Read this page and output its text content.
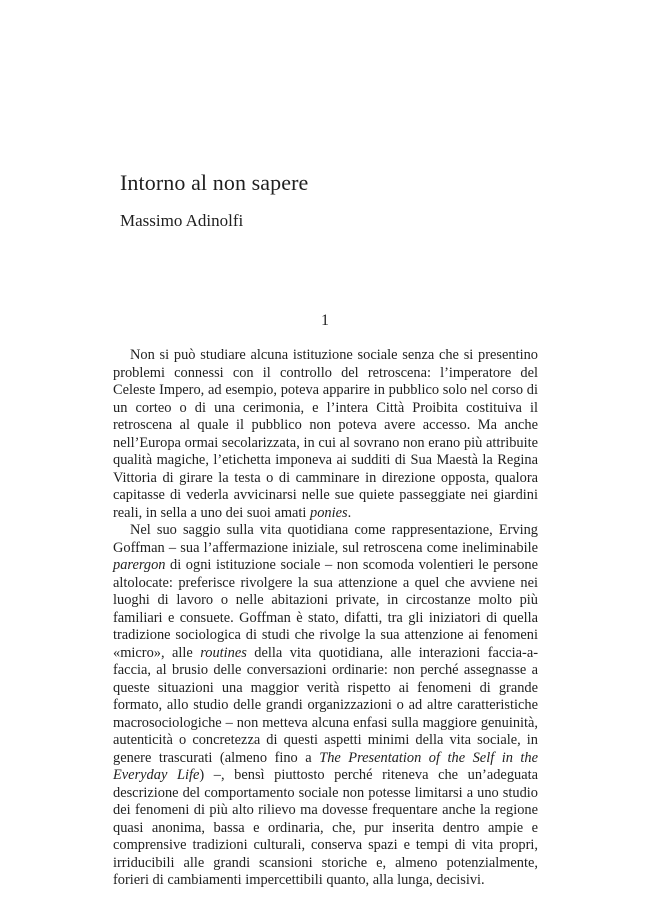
Intorno al non sapere
Massimo Adinolfi
1

Non si può studiare alcuna istituzione sociale senza che si presentino problemi connessi con il controllo del retroscena: l’imperatore del Celeste Impero, ad esempio, poteva apparire in pubblico solo nel corso di un corteo o di una cerimonia, e l’intera Città Proibita costituiva il retroscena al quale il pubblico non poteva avere accesso. Ma anche nell’Europa ormai secolarizzata, in cui al sovrano non erano più attribuite qualità magiche, l’etichetta imponeva ai sudditi di Sua Maestà la Regina Vittoria di girare la testa o di camminare in direzione opposta, qualora capitasse di vederla avvicinarsi nelle sue quiete passeggiate nei giardini reali, in sella a uno dei suoi amati ponies.

Nel suo saggio sulla vita quotidiana come rappresentazione, Erving Goffman – sua l’affermazione iniziale, sul retroscena come ineliminabile parergon di ogni istituzione sociale – non scomoda volentieri le persone altolocate: preferisce rivolgere la sua attenzione a quel che avviene nei luoghi di lavoro o nelle abitazioni private, in circostanze molto più familiari e consuete. Goffman è stato, difatti, tra gli iniziatori di quella tradizione sociologica di studi che rivolge la sua attenzione ai fenomeni «micro», alle routines della vita quotidiana, alle interazioni faccia-a-faccia, al brusio delle conversazioni ordinarie: non perché assegnasse a queste situazioni una maggior verità rispetto ai fenomeni di grande formato, allo studio delle grandi organizzazioni o ad altre caratteristiche macrosociologiche – non metteva alcuna enfasi sulla maggiore genuinità, autenticità o concretezza di questi aspetti minimi della vita sociale, in genere trascurati (almeno fino a The Presentation of the Self in the Everyday Life) –, bensì piuttosto perché riteneva che un’adeguata descrizione del comportamento sociale non potesse limitarsi a uno studio dei fenomeni di più alto rilievo ma dovesse frequentare anche la regione quasi anonima, bassa e ordinaria, che, pur inserita dentro ampie e comprensive tradizioni culturali, conserva spazi e tempi di vita propri, irriducibili alle grandi scansioni storiche e, almeno potenzialmente, forieri di cambiamenti impercettibili quanto, alla lunga, decisivi.
